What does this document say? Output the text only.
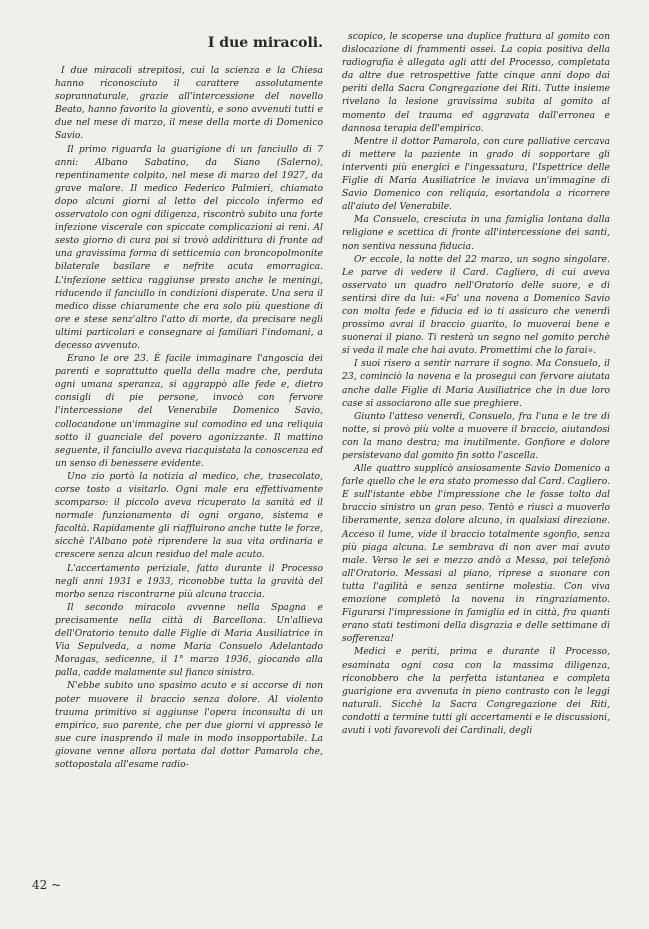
I due miracoli.

I due miracoli strepitosi, cui la scienza e la Chiesa hanno riconosciuto il carattere assolutamente soprannaturale, grazie all'intercessione del novello Beato, hanno favorito la gioventù, e sono avvenuti tutti e due nel mese di marzo, il mese della morte di Domenico Savio.

Il primo riguarda la guarigione di un fanciullo di 7 anni: Albano Sabatino, da Siano (Salerno), repentinamente colpito, nel mese di marzo del 1927, da grave malore. Il medico Federico Palmieri, chiamato dopo alcuni giorni al letto del piccolo infermo ed osservatolo con ogni diligenza, riscontrò subito una forte infezione viscerale con spiccate complicazioni ai reni. Al sesto giorno di cura poi si trovò addirittura di fronte ad una gravissima forma di setticemia con broncopolmonite bilaterale basilare e nefrite acuta emorragica. L'infezione settica raggiunse presto anche le meningi, riducendo il fanciullo in condizioni disperate. Una sera il medico disse chiaramente che era solo più questione di ore e stese senz'altro l'atto di morte, da precisare negli ultimi particolari e consegnare ai familiari l'indomani, a decesso avvenuto.

Erano le ore 23. È facile immaginare l'angoscia dei parenti e soprattutto quella della madre che, perduta ogni umana speranza, si aggrappò alle fede e, dietro consigli di pie persone, invocò con fervore l'intercessione del Venerabile Domenico Savio, collocandone un'immagine sul comodino ed una reliquia sotto il guanciale del povero agonizzante. Il mattino seguente, il fanciullo aveva riacquistata la conoscenza ed un senso di benessere evidente.

Uno zio portò la notizia al medico, che, trasecolato, corse tosto a visitarlo. Ogni male era effettivamente scomparso: il piccolo aveva ricuperato la sanità ed il normale funzionamento di ogni organo, sistema e facoltà. Rapidamente gli riaffluirono anche tutte le forze, sicchè l'Albano potè riprendere la sua vita ordinaria e crescere senza alcun residuo del male acuto.

L'accertamento periziale, fatto durante il Processo negli anni 1931 e 1933, riconobbe tutta la gravità del morbo senza riscontrarne più alcuna traccia.

Il secondo miracolo avvenne nella Spagna e precisamente nella città di Barcellona. Un'allieva dell'Oratorio tenuto dalle Figlie di Maria Ausiliatrice in Via Sepulveda, a nome Maria Consuelo Adelantado Moragas, sedicenne, il 1° marzo 1936, giocando alla palla, cadde malamente sul fianco sinistro.

N'ebbe subito uno spasimo acuto e si accorse di non poter muovere il braccio senza dolore. Al violento trauma primitivo si aggiunse l'opera inconsulta di un empirico, suo parente, che per due giorni vi appressò le sue cure inasprendo il male in modo insopportabile. La giovane venne allora portata dal dottor Pamarola che, sottopostala all'esame radio-

scopico, le scoperse una duplice frattura al gomito con dislocazione di frammenti ossei. La copia positiva della radiografia è allegata agli atti del Processo, completata da altre due retrospettive fatte cinque anni dopo dai periti della Sacra Congregazione dei Riti. Tutte insieme rivelano la lesione gravissima subita al gomito al momento del trauma ed aggravata dall'erronea e dannosa terapia dell'empirico.

Mentre il dottor Pamarola, con cure palliative cercava di mettere la paziente in grado di sopportare gli interventi più energici e l'ingessatura, l'Ispettrice delle Figlie di Maria Ausiliatrice le inviava un'immagine di Savio Domenico con reliquia, esortandola a ricorrere all'aiuto del Venerabile.

Ma Consuelo, cresciuta in una famiglia lontana dalla religione e scettica di fronte all'intercessione dei santi, non sentiva nessuna fiducia.

Or eccole, la notte del 22 marzo, un sogno singolare. Le parve di vedere il Card. Cagliero, di cui aveva osservato un quadro nell'Oratorio delle suore, e di sentirsi dire da lui: «Fa' una novena a Domenico Savio con molta fede e fiducia ed io ti assicuro che venerdì prossimo avrai il braccio guarito, lo muoverai bene e suonerai il piano. Ti resterà un segno nel gomito perchè si veda il male che hai avuto. Promettimi che lo farai».

I suoi risero a sentir narrare il sogno. Ma Consuelo, il 23, cominciò la novena e la proseguì con fervore aiutata anche dalle Figlie di Maria Ausiliatrice che in due loro case si associarono alle sue preghiere.

Giunto l'atteso venerdì, Consuelo, fra l'una e le tre di notte, si provò più volte a muovere il braccio, aiutandosi con la mano destra; ma inutilmente. Gonfiore e dolore persistevano dal gomito fin sotto l'ascella.

Alle quattro supplicò ansiosamente Savio Domenico a farle quello che le era stato promesso dal Card. Cagliero. E sull'istante ebbe l'impressione che le fosse tolto dal braccio sinistro un gran peso. Tentò e riuscì a muoverlo liberamente, senza dolore alcuno, in qualsiasi direzione. Acceso il lume, vide il braccio totalmente sgonfio, senza più piaga alcuna. Le sembrava di non aver mai avuto male. Verso le sei e mezzo andò a Messa, poi telefonò all'Oratorio. Messasi al piano, riprese a suonare con tutta l'agilità e senza sentirne molestia. Con viva emozione completò la novena in ringraziamento. Figurarsi l'impressione in famiglia ed in città, fra quanti erano stati testimoni della disgrazia e delle settimane di sofferenza!

Medici e periti, prima e durante il Processo, esaminata ogni cosa con la massima diligenza, riconobbero che la perfetta istantanea e completa guarigione era avvenuta in pieno contrasto con le leggi naturali. Sicchè la Sacra Congregazione dei Riti, condotti a termine tutti gli accertamenti e le discussioni, avuti i voti favorevoli dei Cardinali, degli

42 ~
